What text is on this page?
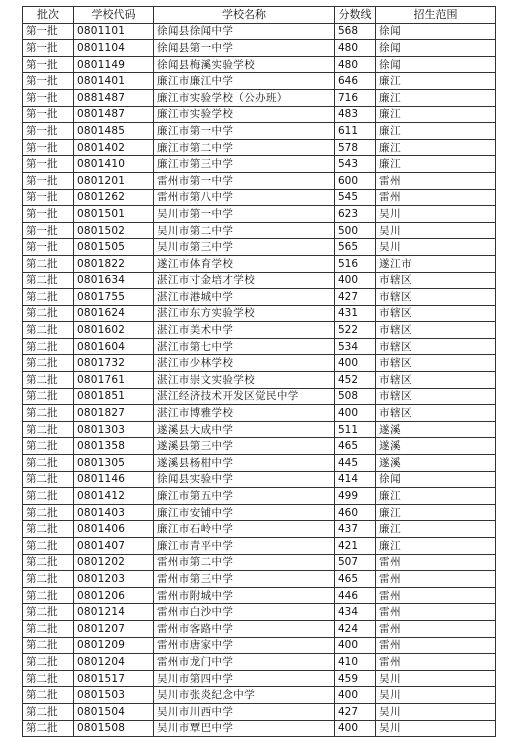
批次	学校代码	学校名称	分数线	招生范围
第一批	0801101	徐闻县徐闻中学	568	徐闻
第一批	0801104	徐闻县第一中学	480	徐闻
第一批	0801149	徐闻县梅溪实验学校	480	徐闻
第一批	0801401	廉江市廉江中学	646	廉江
第一批	0881487	廉江市实验学校（公办班）	716	廉江
第一批	0801487	廉江市实验学校	483	廉江
第一批	0801485	廉江市第一中学	611	廉江
第一批	0801402	廉江市第二中学	578	廉江
第一批	0801410	廉江市第三中学	543	廉江
第一批	0801201	雷州市第一中学	600	雷州
第一批	0801262	雷州市第八中学	545	雷州
第一批	0801501	吴川市第一中学	623	吴川
第一批	0801502	吴川市第二中学	500	吴川
第一批	0801505	吴川市第三中学	565	吴川
第二批	0801822	遂江市体育学校	516	遂江市
第二批	0801634	湛江市寸金培才学校	400	市辖区
第二批	0801755	湛江市港城中学	427	市辖区
第二批	0801624	湛江市东方实验学校	431	市辖区
第二批	0801602	湛江市美术中学	522	市辖区
第二批	0801604	湛江市第七中学	534	市辖区
第二批	0801732	湛江市少林学校	400	市辖区
第二批	0801761	湛江市崇文实验学校	452	市辖区
第二批	0801851	湛江经济技术开发区觉民中学	508	市辖区
第二批	0801827	湛江市博雅学校	400	市辖区
第二批	0801303	遂溪县大成中学	511	遂溪
第二批	0801358	遂溪县第三中学	465	遂溪
第二批	0801305	遂溪县杨柑中学	445	遂溪
第二批	0801146	徐闻县实验中学	414	徐闻
第二批	0801412	廉江市第五中学	499	廉江
第二批	0801403	廉江市安铺中学	460	廉江
第二批	0801406	廉江市石岭中学	437	廉江
第二批	0801407	廉江市青平中学	421	廉江
第二批	0801202	雷州市第二中学	507	雷州
第二批	0801203	雷州市第三中学	465	雷州
第二批	0801206	雷州市附城中学	446	雷州
第二批	0801214	雷州市白沙中学	434	雷州
第二批	0801207	雷州市客路中学	424	雷州
第二批	0801209	雷州市唐家中学	400	雷州
第二批	0801204	雷州市龙门中学	410	雷州
第二批	0801517	吴川市第四中学	459	吴川
第二批	0801503	吴川市张炎纪念中学	400	吴川
第二批	0801504	吴川市川西中学	427	吴川
第二批	0801508	吴川市覃巴中学	400	吴川
